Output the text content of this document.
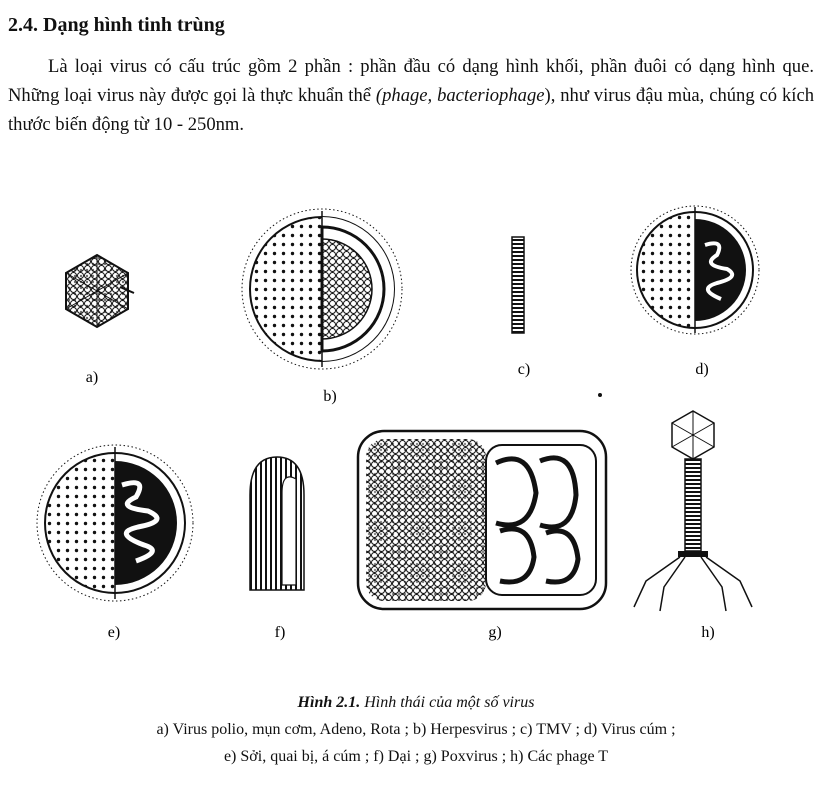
2.4. Dạng hình tinh trùng

Là loại virus có cấu trúc gồm 2 phần : phần đầu có dạng hình khối, phần đuôi có dạng hình que. Những loại virus này được gọi là thực khuẩn thể (phage, bacteriophage), như virus đậu mùa, chúng có kích thước biến động từ 10 - 250nm.

a)
b)
c)	d)
e)	f)	g)	h)
Hình 2.1. Hình thái của một số virus
a) Virus polio, mụn cơm, Adeno, Rota ; b) Herpesvirus ; c) TMV ; d) Virus cúm ;
e) Sởi, quai bị, á cúm ; f) Dại ; g) Poxvirus ; h) Các phage T
